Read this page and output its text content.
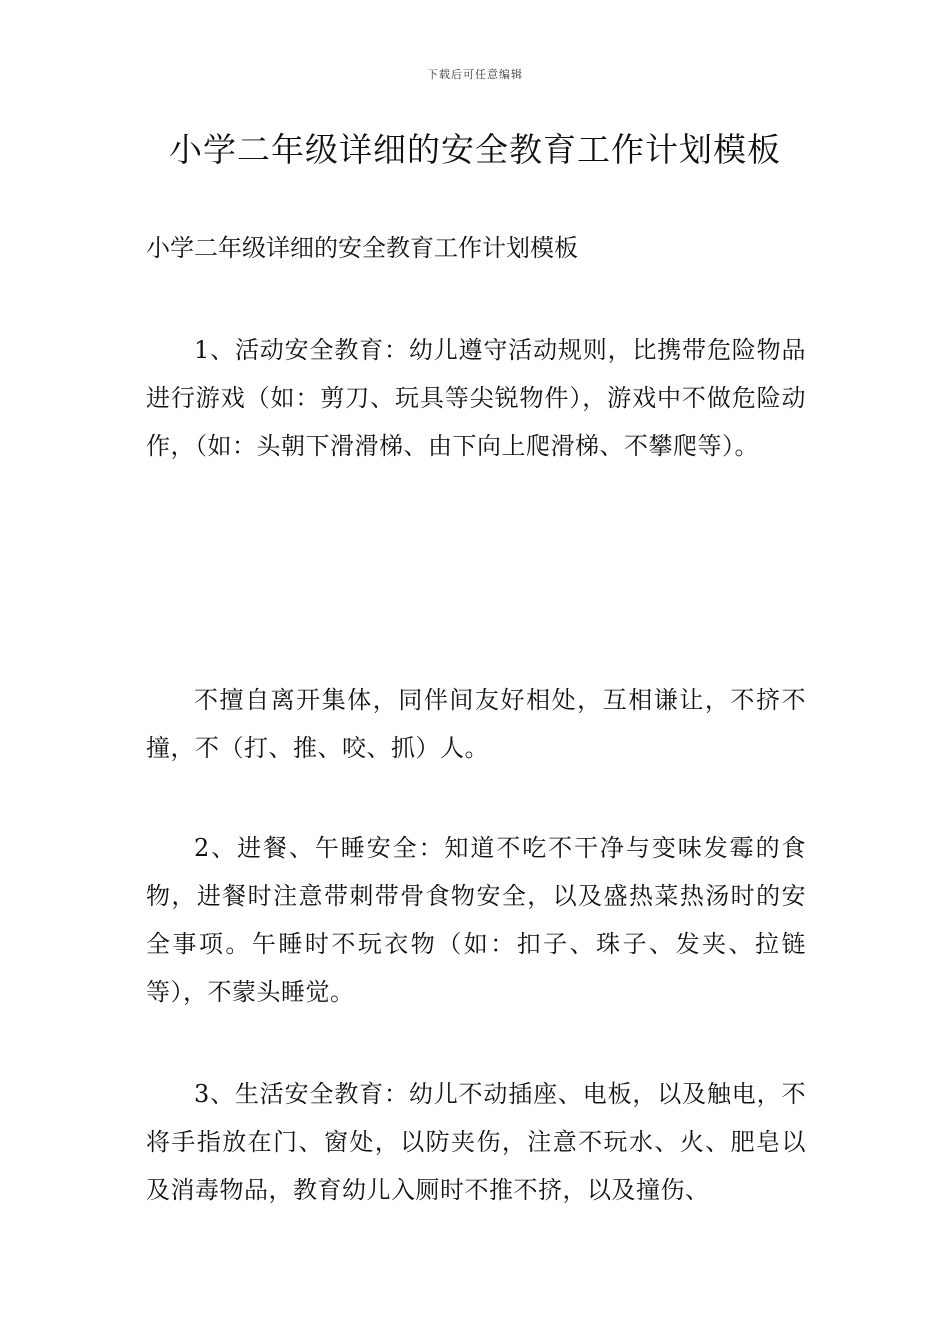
下载后可任意编辑
小学二年级详细的安全教育工作计划模板

小学二年级详细的安全教育工作计划模板

1、活动安全教育：幼儿遵守活动规则，比携带危险物品进行游戏（如：剪刀、玩具等尖锐物件），游戏中不做危险动作，（如：头朝下滑滑梯、由下向上爬滑梯、不攀爬等）。

不擅自离开集体，同伴间友好相处，互相谦让，不挤不撞，不（打、推、咬、抓）人。

2、进餐、午睡安全：知道不吃不干净与变味发霉的食物，进餐时注意带刺带骨食物安全，以及盛热菜热汤时的安全事项。午睡时不玩衣物（如：扣子、珠子、发夹、拉链等），不蒙头睡觉。

3、生活安全教育：幼儿不动插座、电板，以及触电，不将手指放在门、窗处，以防夹伤，注意不玩水、火、肥皂以及消毒物品，教育幼儿入厕时不推不挤，以及撞伤、
